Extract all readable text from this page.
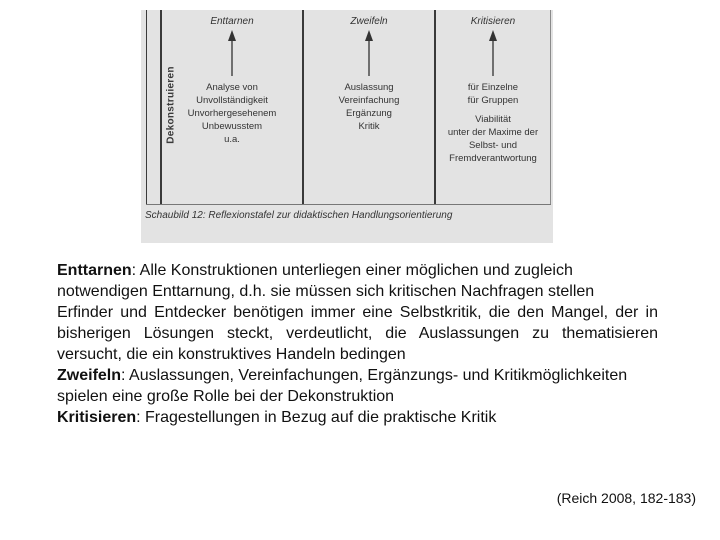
Dekonstruieren
Enttarnen
Analyse von
Unvollständigkeit
Unvorhergesehenem
Unbewusstem
u.a.
Zweifeln
Auslassung
Vereinfachung
Ergänzung
Kritik
Kritisieren
für Einzelne
für Gruppen
Viabilität
unter der Maxime der
Selbst- und
Fremdverantwortung
Schaubild 12: Reflexionstafel zur didaktischen Handlungsorientierung

Enttarnen: Alle Konstruktionen unterliegen einer möglichen und zugleich notwendigen Enttarnung, d.h. sie müssen sich kritischen Nachfragen stellen

Erfinder und Entdecker benötigen immer eine Selbstkritik, die den Mangel, der in bisherigen Lösungen steckt, verdeutlicht, die Auslassungen zu thematisieren versucht, die ein konstruktives Handeln bedingen

Zweifeln: Auslassungen, Vereinfachungen, Ergänzungs- und Kritikmöglichkeiten spielen eine große Rolle bei der Dekonstruktion

Kritisieren: Fragestellungen in Bezug auf die praktische Kritik

(Reich 2008, 182-183)
